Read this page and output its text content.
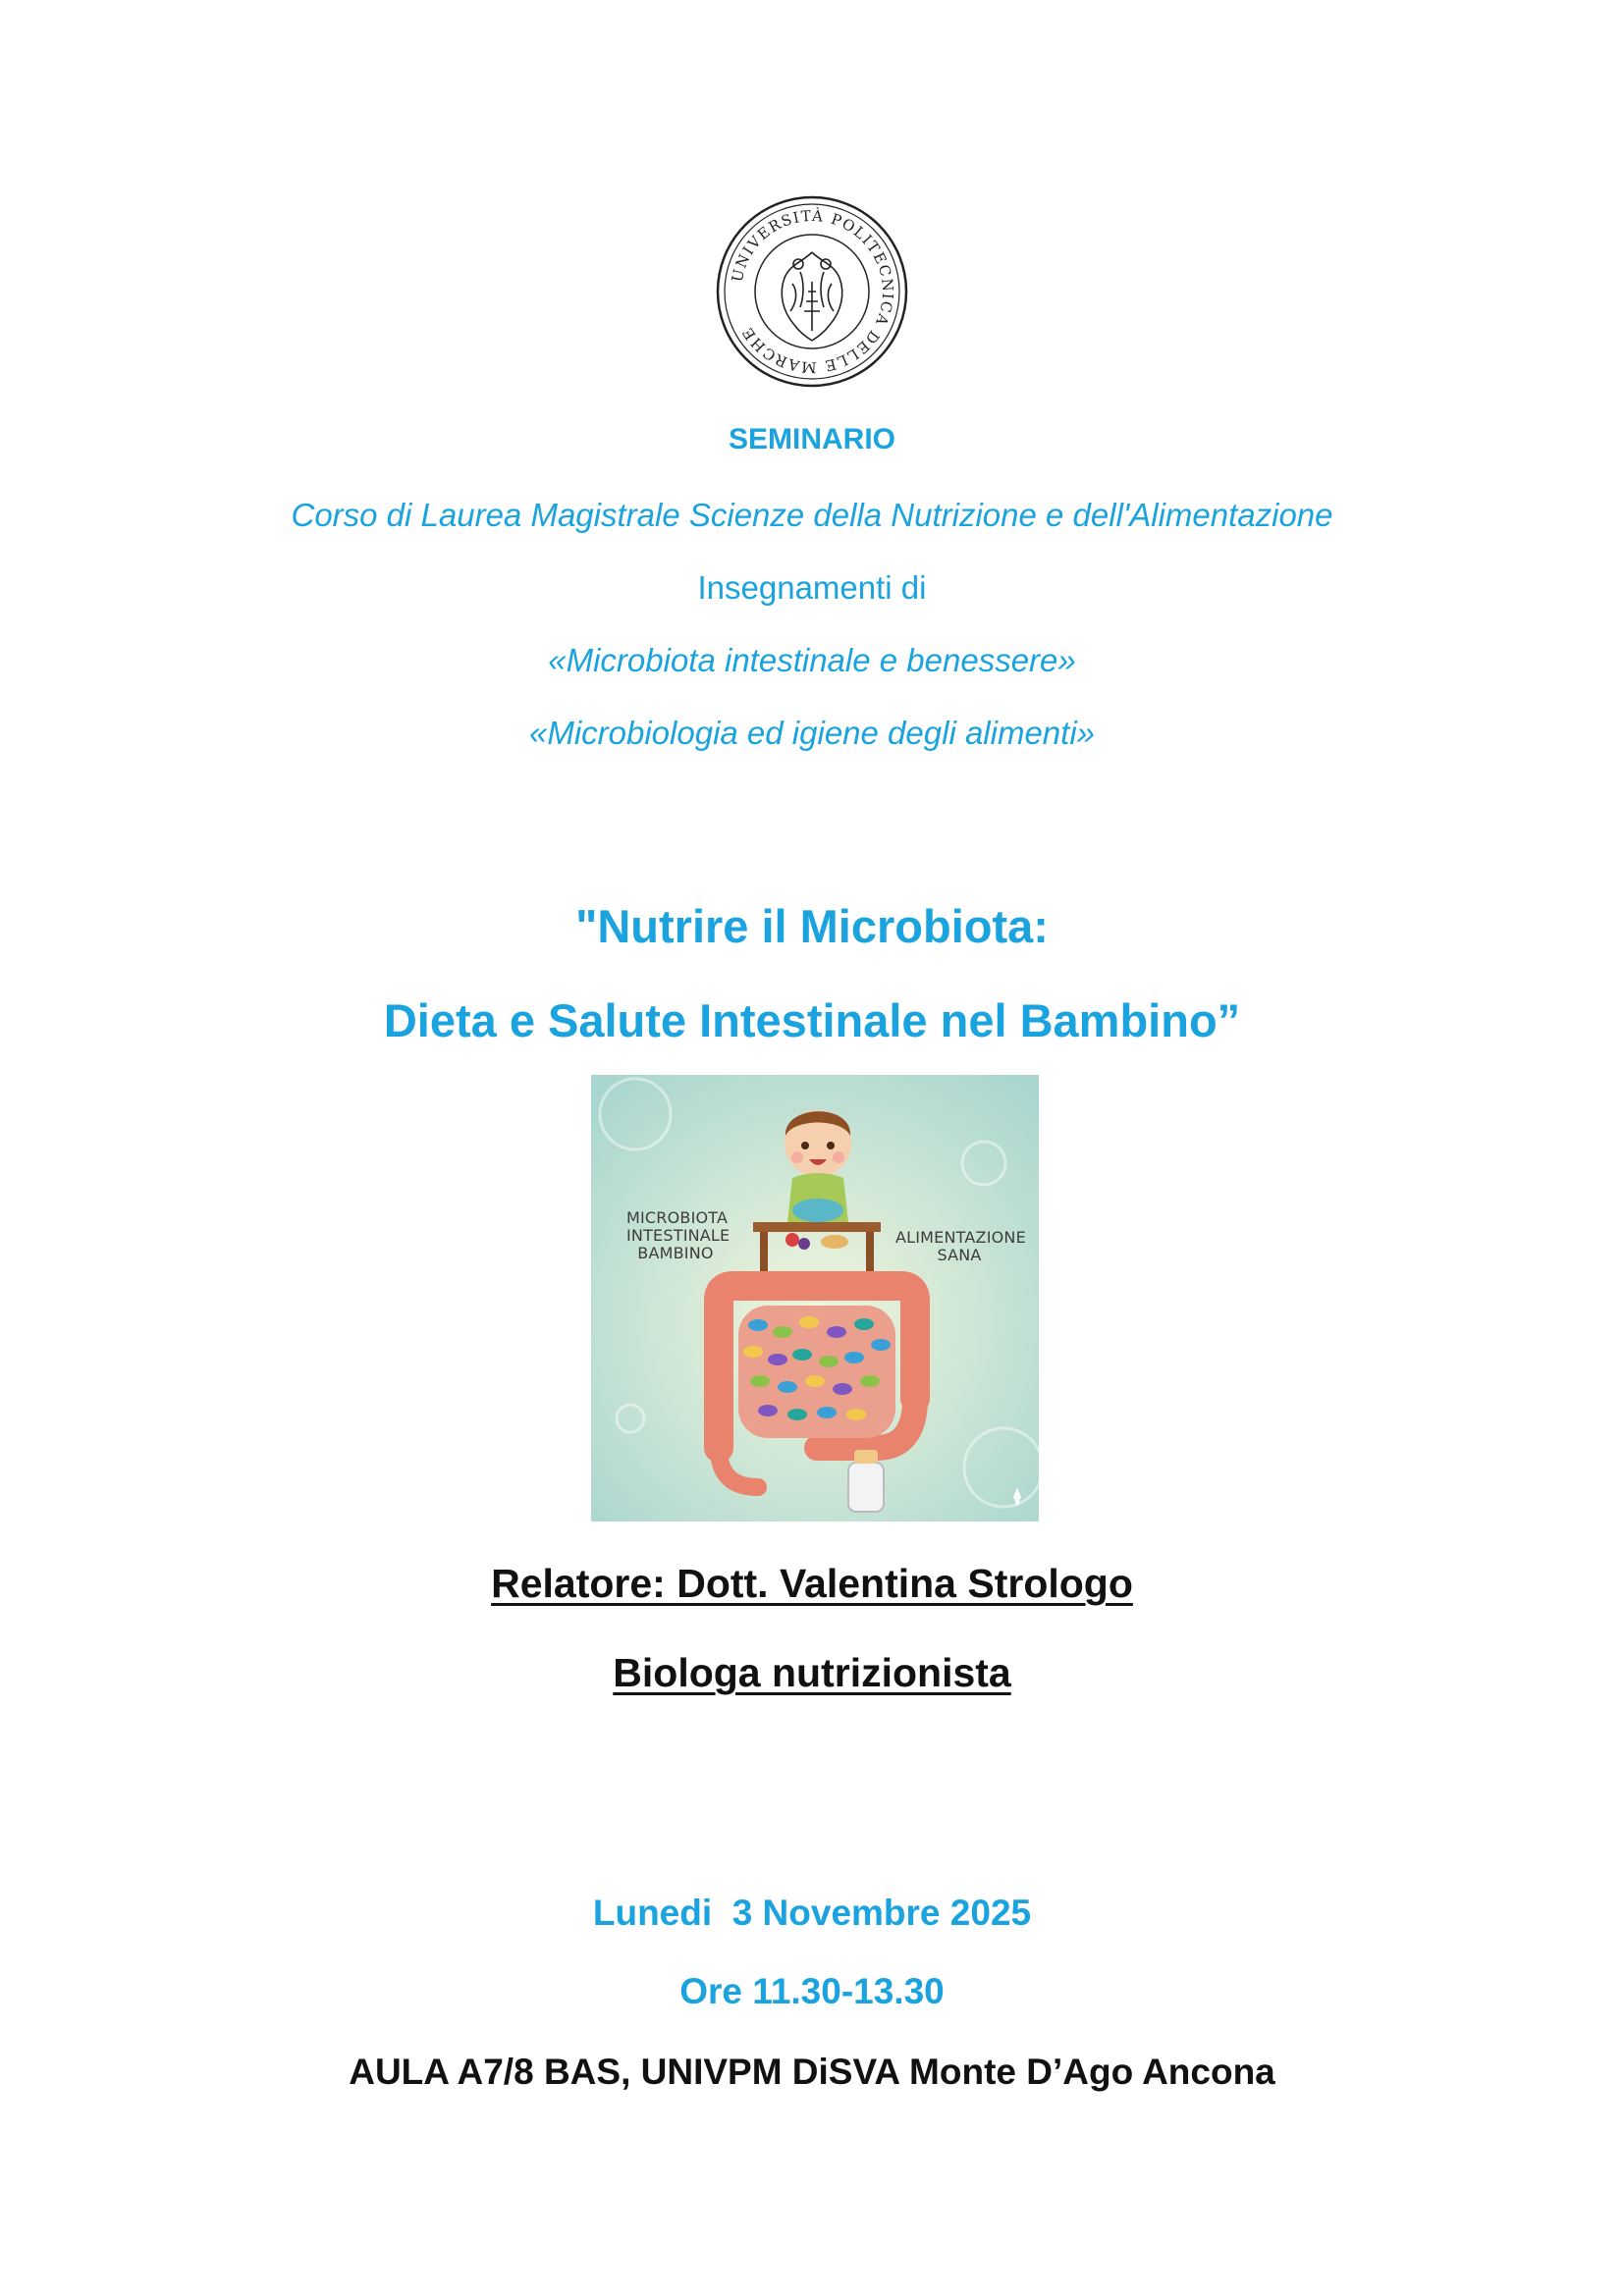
UNIVERSITÀ POLITECNICA DELLE MARCHE
SEMINARIO
Corso di Laurea Magistrale Scienze della Nutrizione e dell'Alimentazione
Insegnamenti di
«Microbiota intestinale e benessere»
«Microbiologia ed igiene degli alimenti»
"Nutrire il Microbiota:
Dieta e Salute Intestinale nel Bambino”
MICROBIOTA
INTESTINALE
BAMBINO
ALIMENTAZIONE
SANA
Relatore: Dott. Valentina Strologo
Biologa nutrizionista
Lunedi  3 Novembre 2025
Ore 11.30-13.30
AULA A7/8 BAS, UNIVPM DiSVA Monte D’Ago Ancona
